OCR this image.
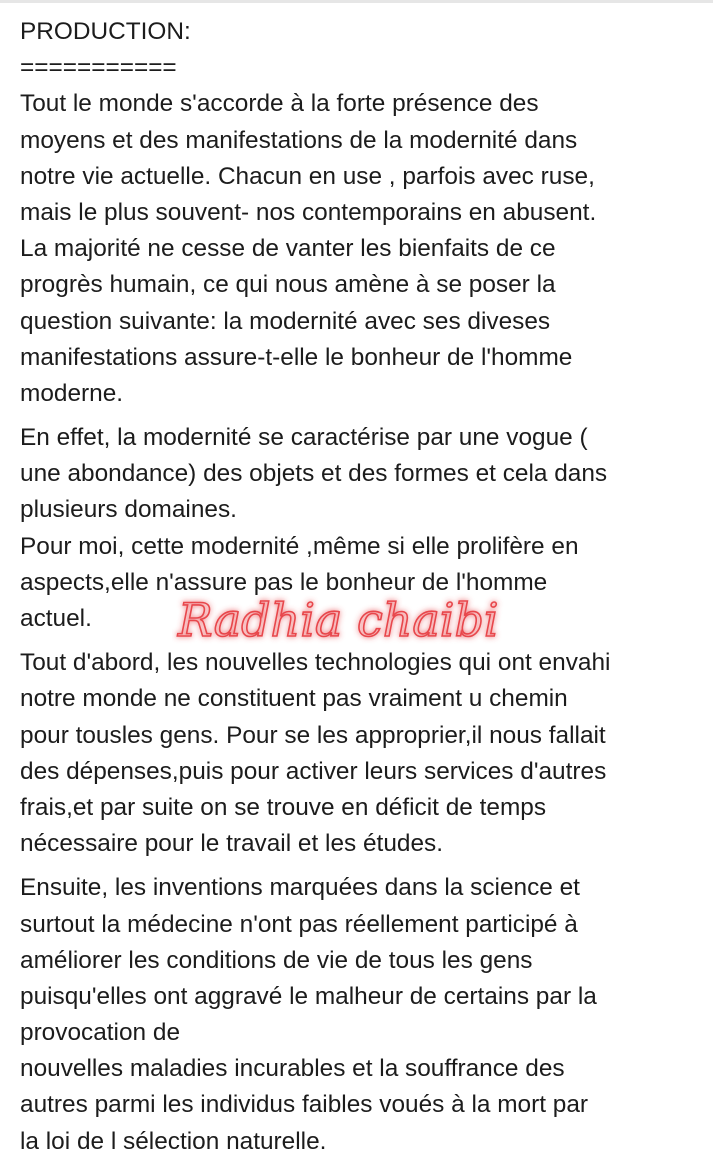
PRODUCTION:
===========
Tout le monde s'accorde à la forte présence des
moyens et des manifestations de la modernité dans
notre vie actuelle. Chacun en use , parfois avec ruse,
mais le plus souvent- nos contemporains en abusent.
La majorité ne cesse de vanter les bienfaits de ce
progrès humain, ce qui nous amène à se poser la
question suivante: la modernité avec ses diveses
manifestations assure-t-elle le bonheur de l'homme
moderne.
En effet, la modernité se caractérise par une vogue (
une abondance) des objets et des formes et cela dans
plusieurs domaines.
Pour moi, cette modernité ,même si elle prolifère en
aspects,elle n'assure pas le bonheur de l'homme
actuel.
Tout d'abord, les nouvelles technologies qui ont envahi
notre monde ne constituent pas vraiment u chemin
pour tousles gens. Pour se les approprier,il nous fallait
des dépenses,puis pour activer leurs services d'autres
frais,et par suite on se trouve en déficit de temps
nécessaire pour le travail et les études.
Ensuite, les inventions marquées dans la science et
surtout la médecine n'ont pas réellement participé à
améliorer les conditions de vie de tous les gens
puisqu'elles ont aggravé le malheur de certains par la
provocation de
nouvelles maladies incurables et la souffrance des
autres parmi les individus faibles voués à la mort par
la loi de l sélection naturelle.
Radhia chaibi
